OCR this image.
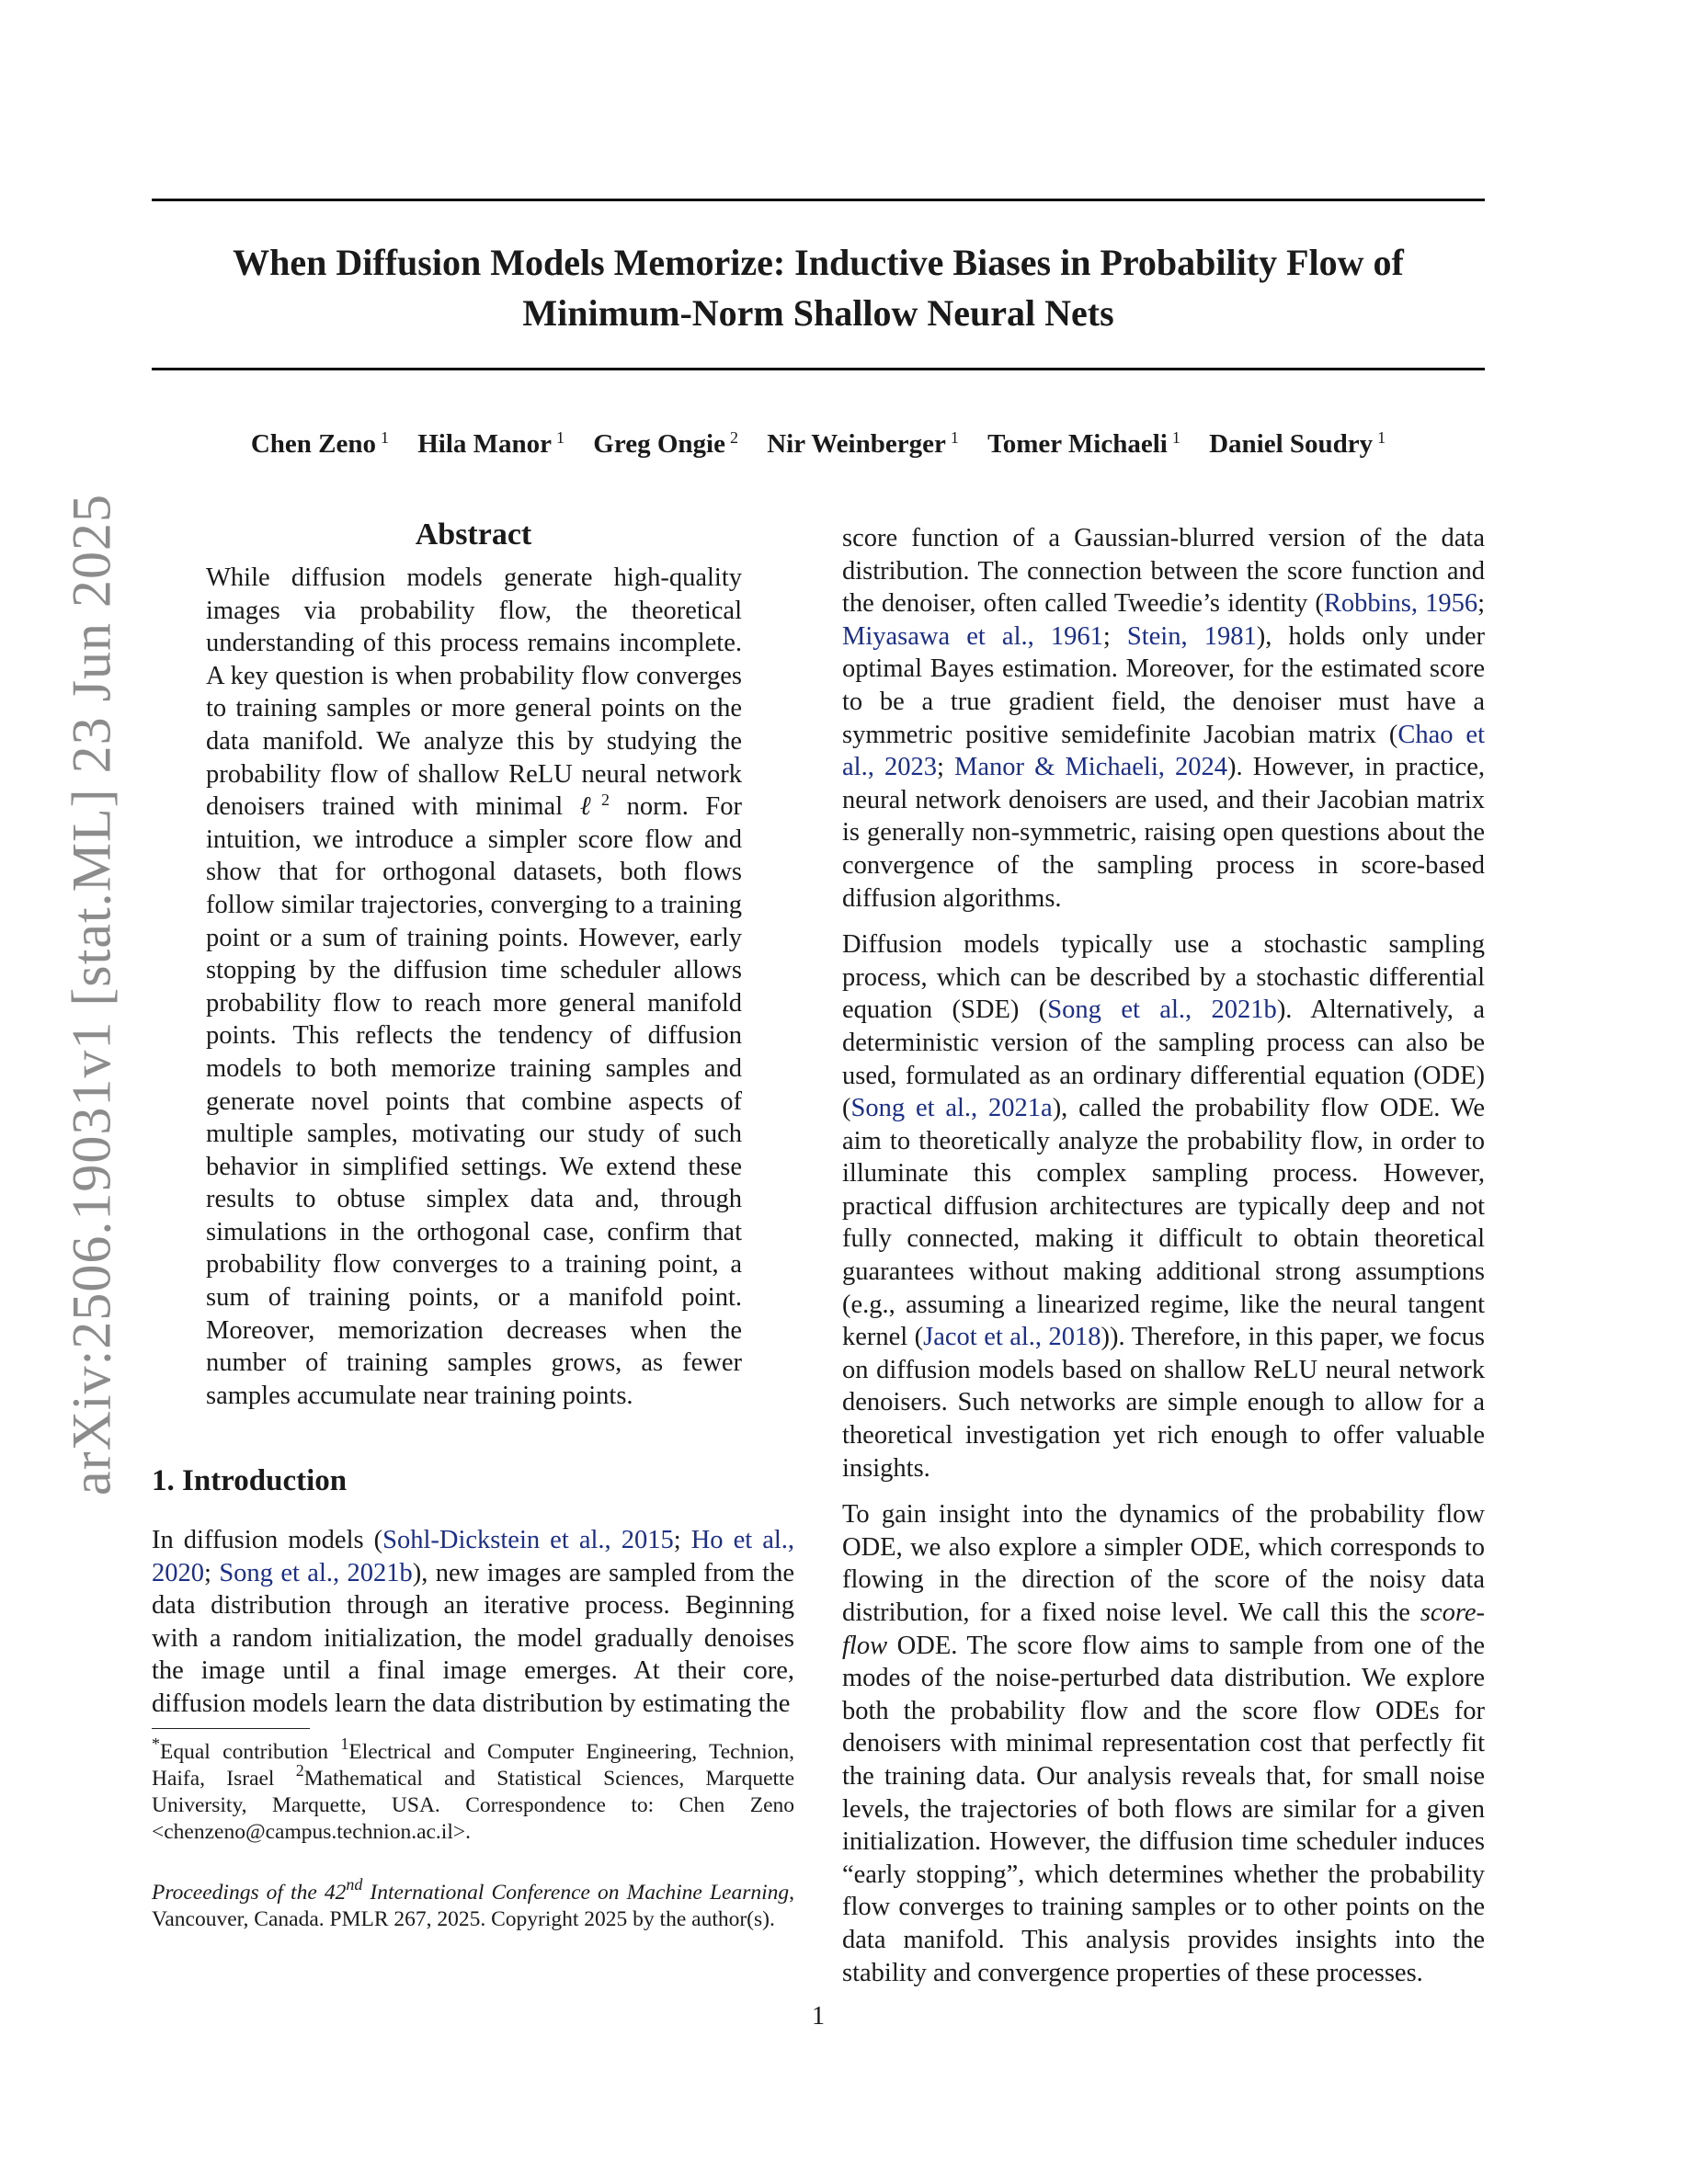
arXiv:2506.19031v1 [stat.ML] 23 Jun 2025
When Diffusion Models Memorize: Inductive Biases in Probability Flow of Minimum-Norm Shallow Neural Nets
Chen Zeno $^1$ Hila Manor $^1$ Greg Ongie $^2$ Nir Weinberger $^1$ Tomer Michaeli $^1$ Daniel Soudry $^1$
Abstract

While diffusion models generate high-quality images via probability flow, the theoretical understanding of this process remains incomplete. A key question is when probability flow converges to training samples or more general points on the data manifold. We analyze this by studying the probability flow of shallow ReLU neural network denoisers trained with minimal ℓ$^2$ norm. For intuition, we introduce a simpler score flow and show that for orthogonal datasets, both flows follow similar trajectories, converging to a training point or a sum of training points. However, early stopping by the diffusion time scheduler allows probability flow to reach more general manifold points. This reflects the tendency of diffusion models to both memorize training samples and generate novel points that combine aspects of multiple samples, motivating our study of such behavior in simplified settings. We extend these results to obtuse simplex data and, through simulations in the orthogonal case, confirm that probability flow converges to a training point, a sum of training points, or a manifold point. Moreover, memorization decreases when the number of training samples grows, as fewer samples accumulate near training points.

1. Introduction

In diffusion models (Sohl-Dickstein et al., 2015; Ho et al., 2020; Song et al., 2021b), new images are sampled from the data distribution through an iterative process. Beginning with a random initialization, the model gradually denoises the image until a final image emerges. At their core, diffusion models learn the data distribution by estimating the

*Equal contribution $^1$Electrical and Computer Engineering, Technion, Haifa, Israel $^2$Mathematical and Statistical Sciences, Marquette University, Marquette, USA. Correspondence to: Chen Zeno <chenzeno@campus.technion.ac.il>.

Proceedings of the 42nd International Conference on Machine Learning, Vancouver, Canada. PMLR 267, 2025. Copyright 2025 by the author(s).

score function of a Gaussian-blurred version of the data distribution. The connection between the score function and the denoiser, often called Tweedie’s identity (Robbins, 1956; Miyasawa et al., 1961; Stein, 1981), holds only under optimal Bayes estimation. Moreover, for the estimated score to be a true gradient field, the denoiser must have a symmetric positive semidefinite Jacobian matrix (Chao et al., 2023; Manor & Michaeli, 2024). However, in practice, neural network denoisers are used, and their Jacobian matrix is generally non-symmetric, raising open questions about the convergence of the sampling process in score-based diffusion algorithms.

Diffusion models typically use a stochastic sampling process, which can be described by a stochastic differential equation (SDE) (Song et al., 2021b). Alternatively, a deterministic version of the sampling process can also be used, formulated as an ordinary differential equation (ODE) (Song et al., 2021a), called the probability flow ODE. We aim to theoretically analyze the probability flow, in order to illuminate this complex sampling process. However, practical diffusion architectures are typically deep and not fully connected, making it difficult to obtain theoretical guarantees without making additional strong assumptions (e.g., assuming a linearized regime, like the neural tangent kernel (Jacot et al., 2018)). Therefore, in this paper, we focus on diffusion models based on shallow ReLU neural network denoisers. Such networks are simple enough to allow for a theoretical investigation yet rich enough to offer valuable insights.

To gain insight into the dynamics of the probability flow ODE, we also explore a simpler ODE, which corresponds to flowing in the direction of the score of the noisy data distribution, for a fixed noise level. We call this the score-flow ODE. The score flow aims to sample from one of the modes of the noise-perturbed data distribution. We explore both the probability flow and the score flow ODEs for denoisers with minimal representation cost that perfectly fit the training data. Our analysis reveals that, for small noise levels, the trajectories of both flows are similar for a given initialization. However, the diffusion time scheduler induces “early stopping”, which determines whether the probability flow converges to training samples or to other points on the data manifold. This analysis provides insights into the stability and convergence properties of these processes.

1
